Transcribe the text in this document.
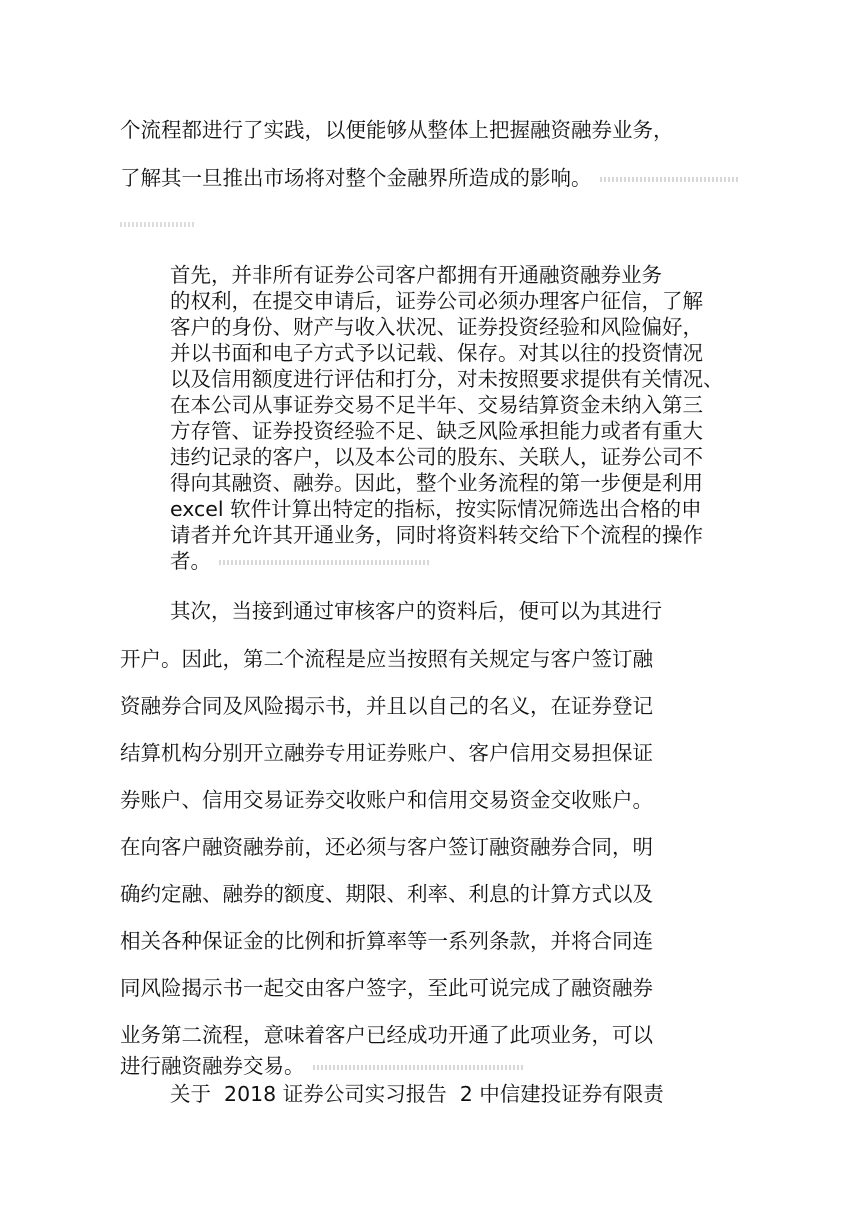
个流程都进行了实践，以便能够从整体上把握融资融券业务，

了解其一旦推出市场将对整个金融界所造成的影响。

首先，并非所有证券公司客户都拥有开通融资融券业务

的权利，在提交申请后，证券公司必须办理客户征信，了解

客户的身份、财产与收入状况、证券投资经验和风险偏好，

并以书面和电子方式予以记载、保存。对其以往的投资情况

以及信用额度进行评估和打分，对未按照要求提供有关情况、

在本公司从事证券交易不足半年、交易结算资金未纳入第三

方存管、证券投资经验不足、缺乏风险承担能力或者有重大

违约记录的客户，以及本公司的股东、关联人，证券公司不

得向其融资、融券。因此，整个业务流程的第一步便是利用

excel 软件计算出特定的指标，按实际情况筛选出合格的申

请者并允许其开通业务，同时将资料转交给下个流程的操作

者。

其次，当接到通过审核客户的资料后，便可以为其进行

开户。因此，第二个流程是应当按照有关规定与客户签订融

资融券合同及风险揭示书，并且以自己的名义，在证券登记

结算机构分别开立融券专用证券账户、客户信用交易担保证

券账户、信用交易证券交收账户和信用交易资金交收账户。

在向客户融资融券前，还必须与客户签订融资融券合同，明

确约定融、融券的额度、期限、利率、利息的计算方式以及

相关各种保证金的比例和折算率等一系列条款，并将合同连

同风险揭示书一起交由客户签字，至此可说完成了融资融券

业务第二流程，意味着客户已经成功开通了此项业务，可以

进行融资融券交易。

关于  2018 证券公司实习报告  2 中信建投证券有限责
